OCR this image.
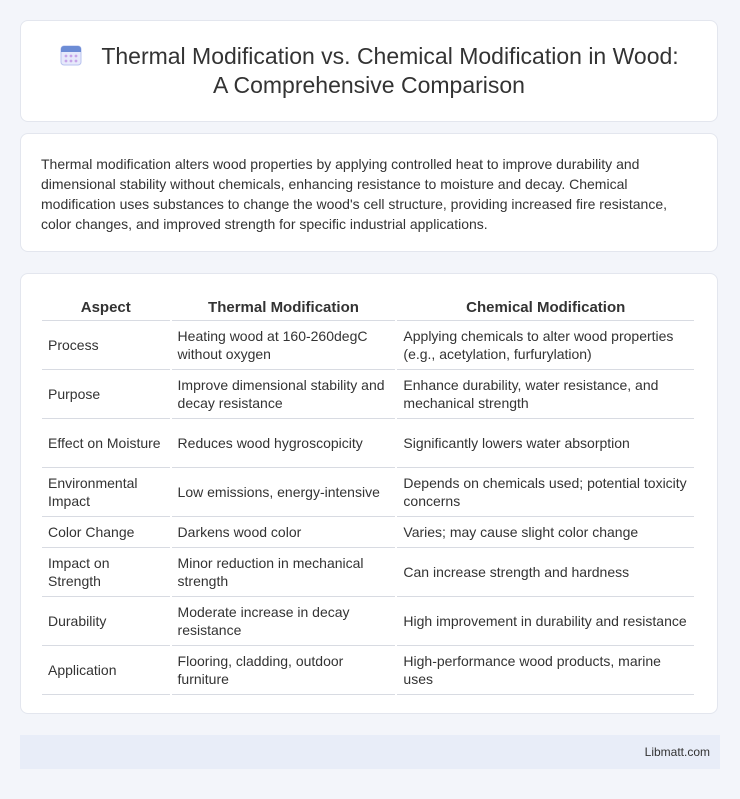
Thermal Modification vs. Chemical Modification in Wood: A Comprehensive Comparison

Thermal modification alters wood properties by applying controlled heat to improve durability and dimensional stability without chemicals, enhancing resistance to moisture and decay. Chemical modification uses substances to change the wood's cell structure, providing increased fire resistance, color changes, and improved strength for specific industrial applications.

Aspect	Thermal Modification	Chemical Modification
Process	Heating wood at 160-260degC without oxygen	Applying chemicals to alter wood properties (e.g., acetylation, furfurylation)
Purpose	Improve dimensional stability and decay resistance	Enhance durability, water resistance, and mechanical strength
Effect on Moisture	Reduces wood hygroscopicity	Significantly lowers water absorption
Environmental Impact	Low emissions, energy-intensive	Depends on chemicals used; potential toxicity concerns
Color Change	Darkens wood color	Varies; may cause slight color change
Impact on Strength	Minor reduction in mechanical strength	Can increase strength and hardness
Durability	Moderate increase in decay resistance	High improvement in durability and resistance
Application	Flooring, cladding, outdoor furniture	High-performance wood products, marine uses
Libmatt.com
